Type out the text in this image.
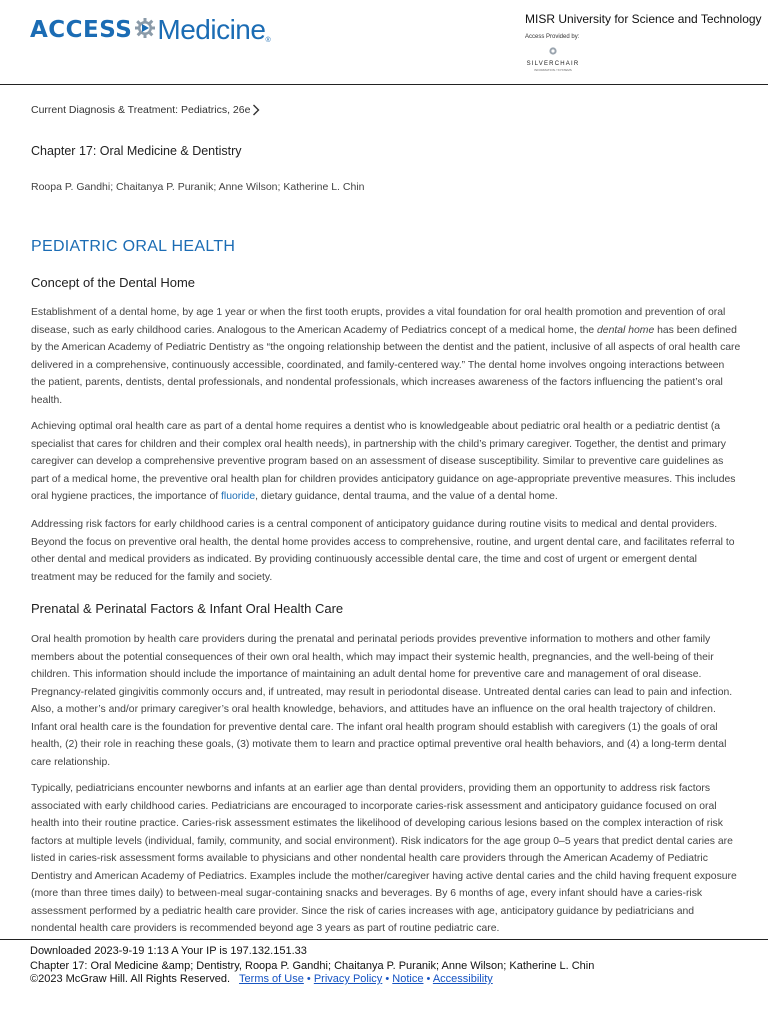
ACCESS Medicine ®
MISR University for Science and Technology
Access Provided by:
SILVERCHAIR
INFORMATION / SYSTEMS
Current Diagnosis & Treatment: Pediatrics, 26e
Chapter 17: Oral Medicine & Dentistry
Roopa P. Gandhi; Chaitanya P. Puranik; Anne Wilson; Katherine L. Chin
PEDIATRIC ORAL HEALTH
Concept of the Dental Home
Establishment of a dental home, by age 1 year or when the first tooth erupts, provides a vital foundation for oral health promotion and prevention of oral disease, such as early childhood caries. Analogous to the American Academy of Pediatrics concept of a medical home, the dental home has been defined by the American Academy of Pediatric Dentistry as “the ongoing relationship between the dentist and the patient, inclusive of all aspects of oral health care delivered in a comprehensive, continuously accessible, coordinated, and family-centered way.” The dental home involves ongoing interactions between the patient, parents, dentists, dental professionals, and nondental professionals, which increases awareness of the factors influencing the patient’s oral health.
Achieving optimal oral health care as part of a dental home requires a dentist who is knowledgeable about pediatric oral health or a pediatric dentist (a specialist that cares for children and their complex oral health needs), in partnership with the child’s primary caregiver. Together, the dentist and primary caregiver can develop a comprehensive preventive program based on an assessment of disease susceptibility. Similar to preventive care guidelines as part of a medical home, the preventive oral health plan for children provides anticipatory guidance on age-appropriate preventive measures. This includes oral hygiene practices, the importance of fluoride, dietary guidance, dental trauma, and the value of a dental home.
Addressing risk factors for early childhood caries is a central component of anticipatory guidance during routine visits to medical and dental providers. Beyond the focus on preventive oral health, the dental home provides access to comprehensive, routine, and urgent dental care, and facilitates referral to other dental and medical providers as indicated. By providing continuously accessible dental care, the time and cost of urgent or emergent dental treatment may be reduced for the family and society.
Prenatal & Perinatal Factors & Infant Oral Health Care
Oral health promotion by health care providers during the prenatal and perinatal periods provides preventive information to mothers and other family members about the potential consequences of their own oral health, which may impact their systemic health, pregnancies, and the well-being of their children. This information should include the importance of maintaining an adult dental home for preventive care and management of oral disease. Pregnancy-related gingivitis commonly occurs and, if untreated, may result in periodontal disease. Untreated dental caries can lead to pain and infection. Also, a mother’s and/or primary caregiver’s oral health knowledge, behaviors, and attitudes have an influence on the oral health trajectory of children. Infant oral health care is the foundation for preventive dental care. The infant oral health program should establish with caregivers (1) the goals of oral health, (2) their role in reaching these goals, (3) motivate them to learn and practice optimal preventive oral health behaviors, and (4) a long-term dental care relationship.
Typically, pediatricians encounter newborns and infants at an earlier age than dental providers, providing them an opportunity to address risk factors associated with early childhood caries. Pediatricians are encouraged to incorporate caries-risk assessment and anticipatory guidance focused on oral health into their routine practice. Caries-risk assessment estimates the likelihood of developing carious lesions based on the complex interaction of risk factors at multiple levels (individual, family, community, and social environment). Risk indicators for the age group 0–5 years that predict dental caries are listed in caries-risk assessment forms available to physicians and other nondental health care providers through the American Academy of Pediatric Dentistry and American Academy of Pediatrics. Examples include the mother/caregiver having active dental caries and the child having frequent exposure (more than three times daily) to between-meal sugar-containing snacks and beverages. By 6 months of age, every infant should have a caries-risk assessment performed by a pediatric health care provider. Since the risk of caries increases with age, anticipatory guidance by pediatricians and nondental health care providers is recommended beyond age 3 years as part of routine pediatric care.
Downloaded 2023-9-19 1:13 A Your IP is 197.132.151.33
Chapter 17: Oral Medicine &amp; Dentistry, Roopa P. Gandhi; Chaitanya P. Puranik; Anne Wilson; Katherine L. Chin
©2023 McGraw Hill. All Rights Reserved. Terms of Use • Privacy Policy • Notice • Accessibility
